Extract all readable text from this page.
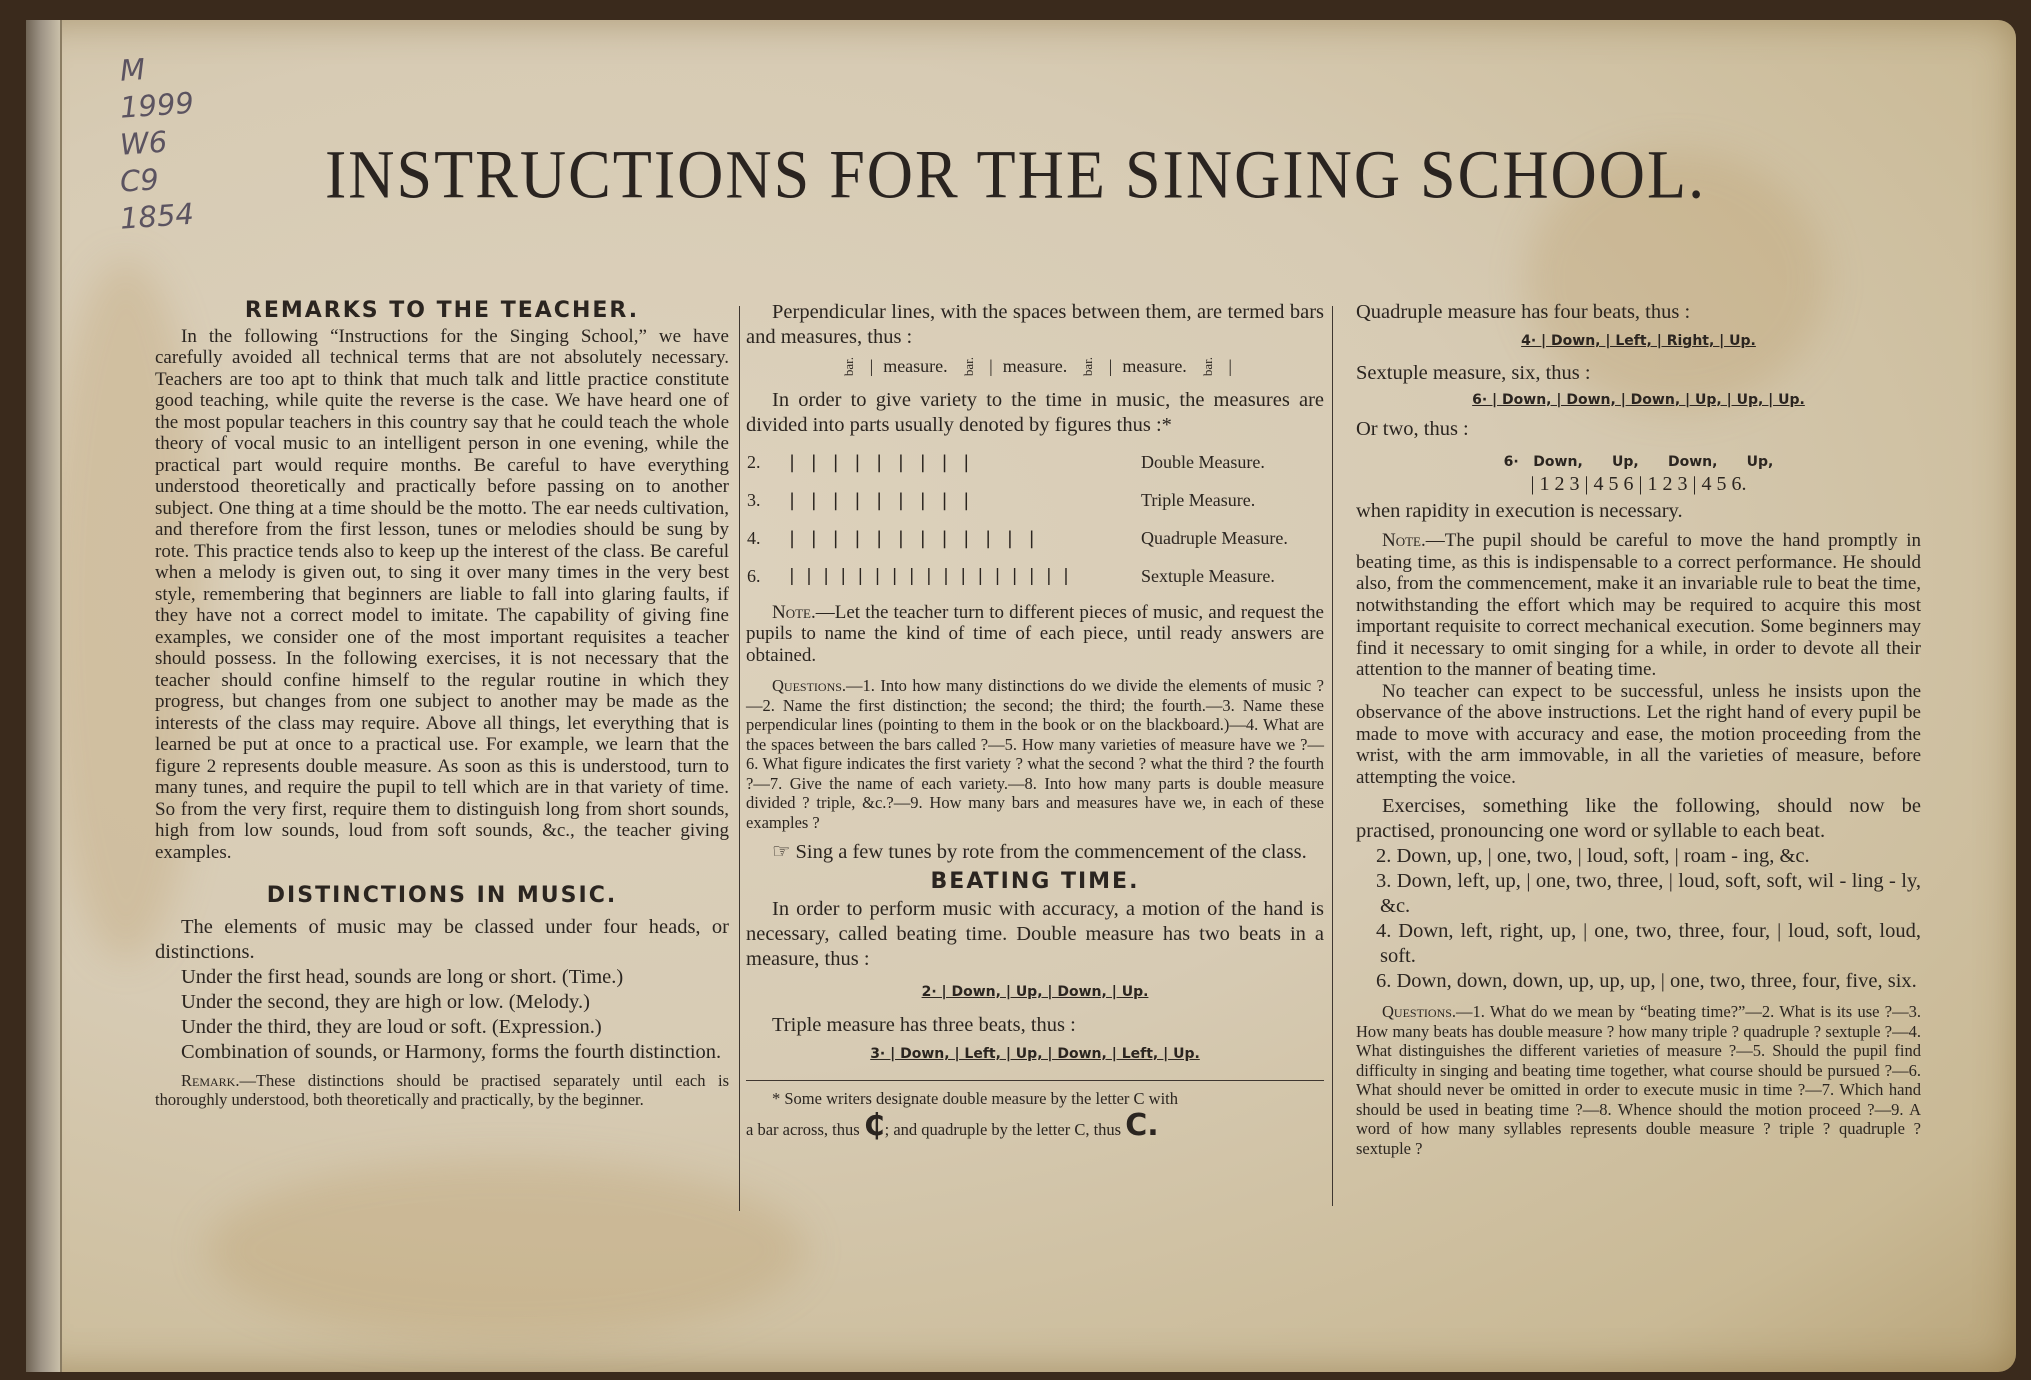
M
1999
W6
C9
1854
INSTRUCTIONS FOR THE SINGING SCHOOL.
REMARKS TO THE TEACHER.

In the following “Instructions for the Singing School,” we have carefully avoided all technical terms that are not absolutely necessary. Teachers are too apt to think that much talk and little practice constitute good teaching, while quite the reverse is the case. We have heard one of the most popular teachers in this country say that he could teach the whole theory of vocal music to an intelligent person in one evening, while the practical part would require months. Be careful to have everything understood theoretically and practically before passing on to another subject. One thing at a time should be the motto. The ear needs cultivation, and therefore from the first lesson, tunes or melodies should be sung by rote. This practice tends also to keep up the interest of the class. Be careful when a melody is given out, to sing it over many times in the very best style, remembering that beginners are liable to fall into glaring faults, if they have not a correct model to imitate. The capability of giving fine examples, we consider one of the most important requisites a teacher should possess. In the following exercises, it is not necessary that the teacher should confine himself to the regular routine in which they progress, but changes from one subject to another may be made as the interests of the class may require. Above all things, let everything that is learned be put at once to a practical use. For example, we learn that the figure 2 represents double measure. As soon as this is understood, turn to many tunes, and require the pupil to tell which are in that variety of time. So from the very first, require them to distinguish long from short sounds, high from low sounds, loud from soft sounds, &c., the teacher giving examples.

DISTINCTIONS IN MUSIC.

The elements of music may be classed under four heads, or distinctions.

Under the first head, sounds are long or short. (Time.)

Under the second, they are high or low. (Melody.)

Under the third, they are loud or soft. (Expression.)

Combination of sounds, or Harmony, forms the fourth distinction.

Remark.—These distinctions should be practised separately until each is thoroughly understood, both theoretically and practically, by the beginner.

Perpendicular lines, with the spaces between them, are termed bars and measures, thus :

bar. | measure. bar. | measure. bar. | measure. bar. |

In order to give variety to the time in music, the measures are divided into parts usually denoted by figures thus :*

2.	| | | | | | | | |	Double Measure.
3.	| | | | | | | | |	Triple Measure.
4.	| | | | | | | | | | | |	Quadruple Measure.
6.	| | | | | | | | | | | | | | | | |	Sextuple Measure.

Note.—Let the teacher turn to different pieces of music, and request the pupils to name the kind of time of each piece, until ready answers are obtained.

Questions.—1. Into how many distinctions do we divide the elements of music ?—2. Name the first distinction; the second; the third; the fourth.—3. Name these perpendicular lines (pointing to them in the book or on the blackboard.)—4. What are the spaces between the bars called ?—5. How many varieties of measure have we ?—6. What figure indicates the first variety ? what the second ? what the third ? the fourth ?—7. Give the name of each variety.—8. Into how many parts is double measure divided ? triple, &c.?—9. How many bars and measures have we, in each of these examples ?

☞ Sing a few tunes by rote from the commencement of the class.

BEATING TIME.

In order to perform music with accuracy, a motion of the hand is necessary, called beating time. Double measure has two beats in a measure, thus :

2· | Down, | Up, | Down, | Up.

Triple measure has three beats, thus :

3· | Down, | Left, | Up, | Down, | Left, | Up.

* Some writers designate double measure by the letter C with

a bar across, thus ₵; and quadruple by the letter C, thus C.

Quadruple measure has four beats, thus :

4· | Down, | Left, | Right, | Up.

Sextuple measure, six, thus :

6· | Down, | Down, | Down, | Up, | Up, | Up.

Or two, thus :

6·   Down,      Up,      Down,      Up,

| 1 2 3 | 4 5 6 | 1 2 3 | 4 5 6.

when rapidity in execution is necessary.

Note.—The pupil should be careful to move the hand promptly in beating time, as this is indispensable to a correct performance. He should also, from the commencement, make it an invariable rule to beat the time, notwithstanding the effort which may be required to acquire this most important requisite to correct mechanical execution. Some beginners may find it necessary to omit singing for a while, in order to devote all their attention to the manner of beating time.

No teacher can expect to be successful, unless he insists upon the observance of the above instructions. Let the right hand of every pupil be made to move with accuracy and ease, the motion proceeding from the wrist, with the arm immovable, in all the varieties of measure, before attempting the voice.

Exercises, something like the following, should now be practised, pronouncing one word or syllable to each beat.

2. Down, up, | one, two, | loud, soft, | roam - ing, &c.

3. Down, left, up, | one, two, three, | loud, soft, soft, wil - ling - ly, &c.

4. Down, left, right, up, | one, two, three, four, | loud, soft, loud, soft.

6. Down, down, down, up, up, up, | one, two, three, four, five, six.

Questions.—1. What do we mean by “beating time?”—2. What is its use ?—3. How many beats has double measure ? how many triple ? quadruple ? sextuple ?—4. What distinguishes the different varieties of measure ?—5. Should the pupil find difficulty in singing and beating time together, what course should be pursued ?—6. What should never be omitted in order to execute music in time ?—7. Which hand should be used in beating time ?—8. Whence should the motion proceed ?—9. A word of how many syllables represents double measure ? triple ? quadruple ? sextuple ?
